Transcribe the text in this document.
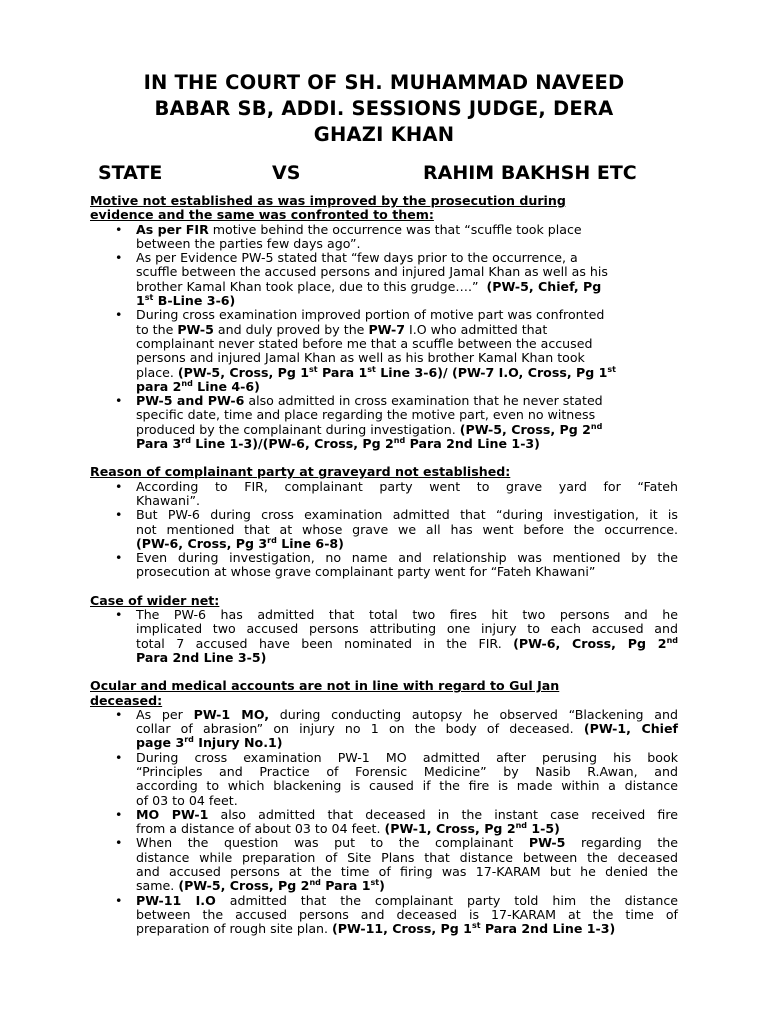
IN THE COURT OF SH. MUHAMMAD NAVEED
BABAR SB, ADDI. SESSIONS JUDGE, DERA
GHAZI KHAN
STATE	VS	RAHIM BAKHSH ETC
Motive not established as was improved by the prosecution during
evidence and the same was confronted to them:
• As per FIR motive behind the occurrence was that “scuffle took place
between the parties few days ago”.
• As per Evidence PW-5 stated that “few days prior to the occurrence, a
scuffle between the accused persons and injured Jamal Khan as well as his
brother Kamal Khan took place, due to this grudge….”  (PW-5, Chief, Pg
1st B-Line 3-6)
• During cross examination improved portion of motive part was confronted
to the PW-5 and duly proved by the PW-7 I.O who admitted that
complainant never stated before me that a scuffle between the accused
persons and injured Jamal Khan as well as his brother Kamal Khan took
place. (PW-5, Cross, Pg 1st Para 1st Line 3-6)/ (PW-7 I.O, Cross, Pg 1st
para 2nd Line 4-6)
• PW-5 and PW-6 also admitted in cross examination that he never stated
specific date, time and place regarding the motive part, even no witness
produced by the complainant during investigation. (PW-5, Cross, Pg 2nd
Para 3rd Line 1-3)/(PW-6, Cross, Pg 2nd Para 2nd Line 1-3)
Reason of complainant party at graveyard not established:
• According to FIR, complainant party went to grave yard for “Fateh
Khawani”.
• But PW-6 during cross examination admitted that “during investigation, it is
not mentioned that at whose grave we all has went before the occurrence.
(PW-6, Cross, Pg 3rd Line 6-8)
• Even during investigation, no name and relationship was mentioned by the
prosecution at whose grave complainant party went for “Fateh Khawani”
Case of wider net:
• The PW-6 has admitted that total two fires hit two persons and he
implicated two accused persons attributing one injury to each accused and
total 7 accused have been nominated in the FIR. (PW-6, Cross, Pg 2nd
Para 2nd Line 3-5)
Ocular and medical accounts are not in line with regard to Gul Jan
deceased:
• As per PW-1 MO, during conducting autopsy he observed “Blackening and
collar of abrasion” on injury no 1 on the body of deceased. (PW-1, Chief
page 3rd Injury No.1)
• During cross examination PW-1 MO admitted after perusing his book
“Principles and Practice of Forensic Medicine” by Nasib R.Awan, and
according to which blackening is caused if the fire is made within a distance
of 03 to 04 feet.
• MO PW-1 also admitted that deceased in the instant case received fire
from a distance of about 03 to 04 feet. (PW-1, Cross, Pg 2nd 1-5)
• When the question was put to the complainant PW-5 regarding the
distance while preparation of Site Plans that distance between the deceased
and accused persons at the time of firing was 17-KARAM but he denied the
same. (PW-5, Cross, Pg 2nd Para 1st)
• PW-11 I.O admitted that the complainant party told him the distance
between the accused persons and deceased is 17-KARAM at the time of
preparation of rough site plan. (PW-11, Cross, Pg 1st Para 2nd Line 1-3)
